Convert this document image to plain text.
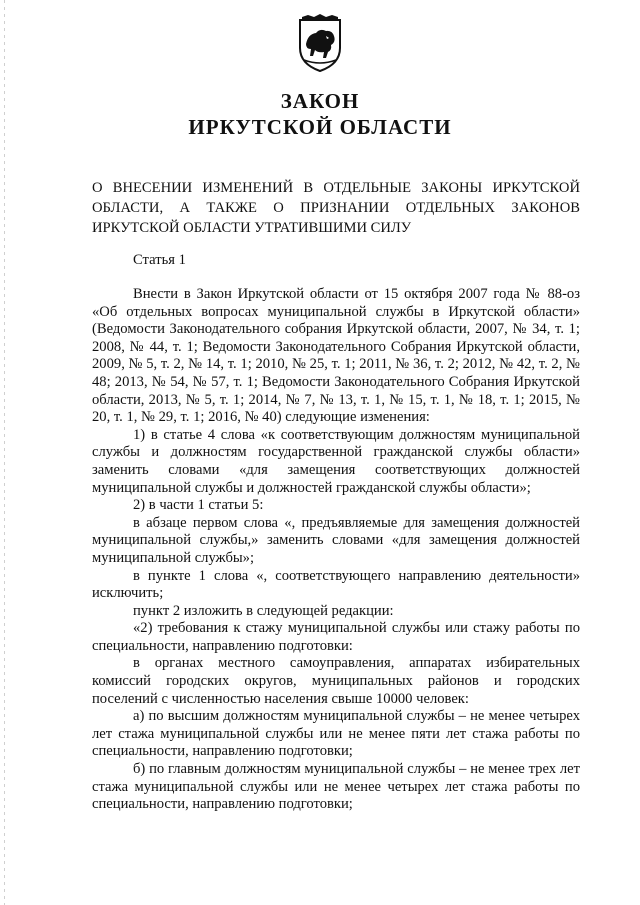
ЗАКОН
ИРКУТСКОЙ ОБЛАСТИ
О ВНЕСЕНИИ ИЗМЕНЕНИЙ В ОТДЕЛЬНЫЕ ЗАКОНЫ ИРКУТСКОЙ ОБЛАСТИ, А ТАКЖЕ О ПРИЗНАНИИ ОТДЕЛЬНЫХ ЗАКОНОВ ИРКУТСКОЙ ОБЛАСТИ УТРАТИВШИМИ СИЛУ
Статья 1

Внести в Закон Иркутской области от 15 октября 2007 года № 88-оз «Об отдельных вопросах муниципальной службы в Иркутской области» (Ведомости Законодательного собрания Иркутской области, 2007, № 34, т. 1; 2008, № 44, т. 1; Ведомости Законодательного Собрания Иркутской области, 2009, № 5, т. 2, № 14, т. 1; 2010, № 25, т. 1; 2011, № 36, т. 2; 2012, № 42, т. 2, № 48; 2013, № 54, № 57, т. 1; Ведомости Законодательного Собрания Иркутской области, 2013, № 5, т. 1; 2014, № 7, № 13, т. 1, № 15, т. 1, № 18, т. 1; 2015, № 20, т. 1, № 29, т. 1; 2016, № 40) следующие изменения:

1) в статье 4 слова «к соответствующим должностям муниципальной службы и должностям государственной гражданской службы области» заменить словами «для замещения соответствующих должностей муниципальной службы и должностей гражданской службы области»;

2) в части 1 статьи 5:

в абзаце первом слова «, предъявляемые для замещения должностей муниципальной службы,» заменить словами «для замещения должностей муниципальной службы»;

в пункте 1 слова «, соответствующего направлению деятельности» исключить;

пункт 2 изложить в следующей редакции:

«2) требования к стажу муниципальной службы или стажу работы по специальности, направлению подготовки:

в органах местного самоуправления, аппаратах избирательных комиссий городских округов, муниципальных районов и городских поселений с численностью населения свыше 10000 человек:

а) по высшим должностям муниципальной службы – не менее четырех лет стажа муниципальной службы или не менее пяти лет стажа работы по специальности, направлению подготовки;

б) по главным должностям муниципальной службы – не менее трех лет стажа муниципальной службы или не менее четырех лет стажа работы по специальности, направлению подготовки;
